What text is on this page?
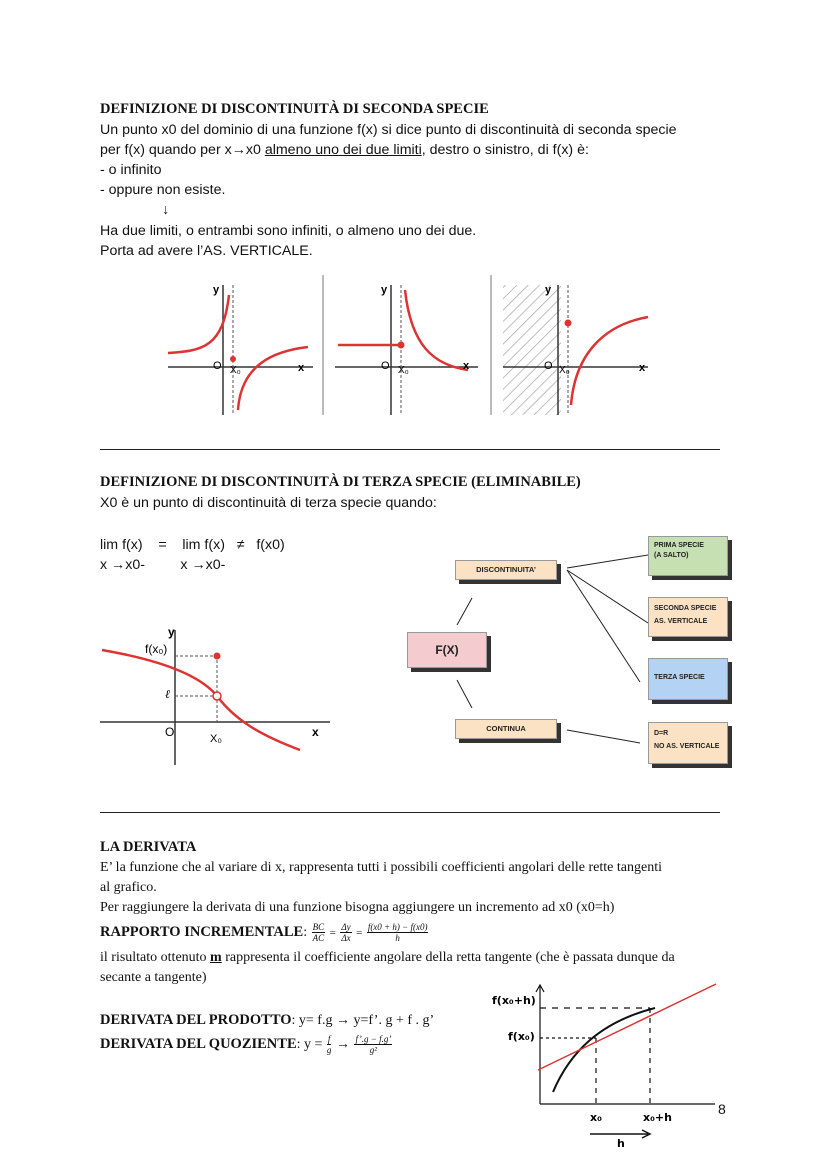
DEFINIZIONE DI DISCONTINUITÀ DI SECONDA SPECIE
Un punto x0 del dominio di una funzione f(x) si dice punto di discontinuità di seconda specie
per f(x) quando per x→x0 almeno uno dei due limiti, destro o sinistro, di f(x) è:
- o infinito
- oppure non esiste.
↓
Ha due limiti, o entrambi sono infiniti, o almeno uno dei due.
Porta ad avere l’AS. VERTICALE.
y
O X₀	x
y
O X₀	x
y
O X₀	x
DEFINIZIONE DI DISCONTINUITÀ DI TERZA SPECIE (ELIMINABILE)
X0 è un punto di discontinuità di terza specie quando:
lim f(x)    =    lim f(x)   ≠   f(x0)
x →x0-         x →x0-
y
f(x₀)
ℓ
O	X₀	x
F(X)
DISCONTINUITA’
CONTINUA
PRIMA SPECIE
(A SALTO)
SECONDA SPECIE
AS. VERTICALE
TERZA SPECIE
D=R
NO AS. VERTICALE
LA DERIVATA
E’ la funzione che al variare di x, rappresenta tutti i possibili coefficienti angolari delle rette tangenti
al grafico.
Per raggiungere la derivata di una funzione bisogna aggiungere un incremento ad x0 (x0=h)
RAPPORTO INCREMENTALE: $\frac{BC}{AC} = \frac{\Delta y}{\Delta x} = \frac{f(x0 + h) - f(x0)}{h}$
il risultato ottenuto m rappresenta il coefficiente angolare della retta tangente (che è passata dunque da
secante a tangente)
DERIVATA DEL PRODOTTO: y= f.g → y=f’. g + f . g’
DERIVATA DEL QUOZIENTE: $y = \frac{f}{g} \to \frac{f’.g - f.g’}{\text{g²}}$
f(x₀+h)
f(x₀)
x₀	x₀+h
h
8
